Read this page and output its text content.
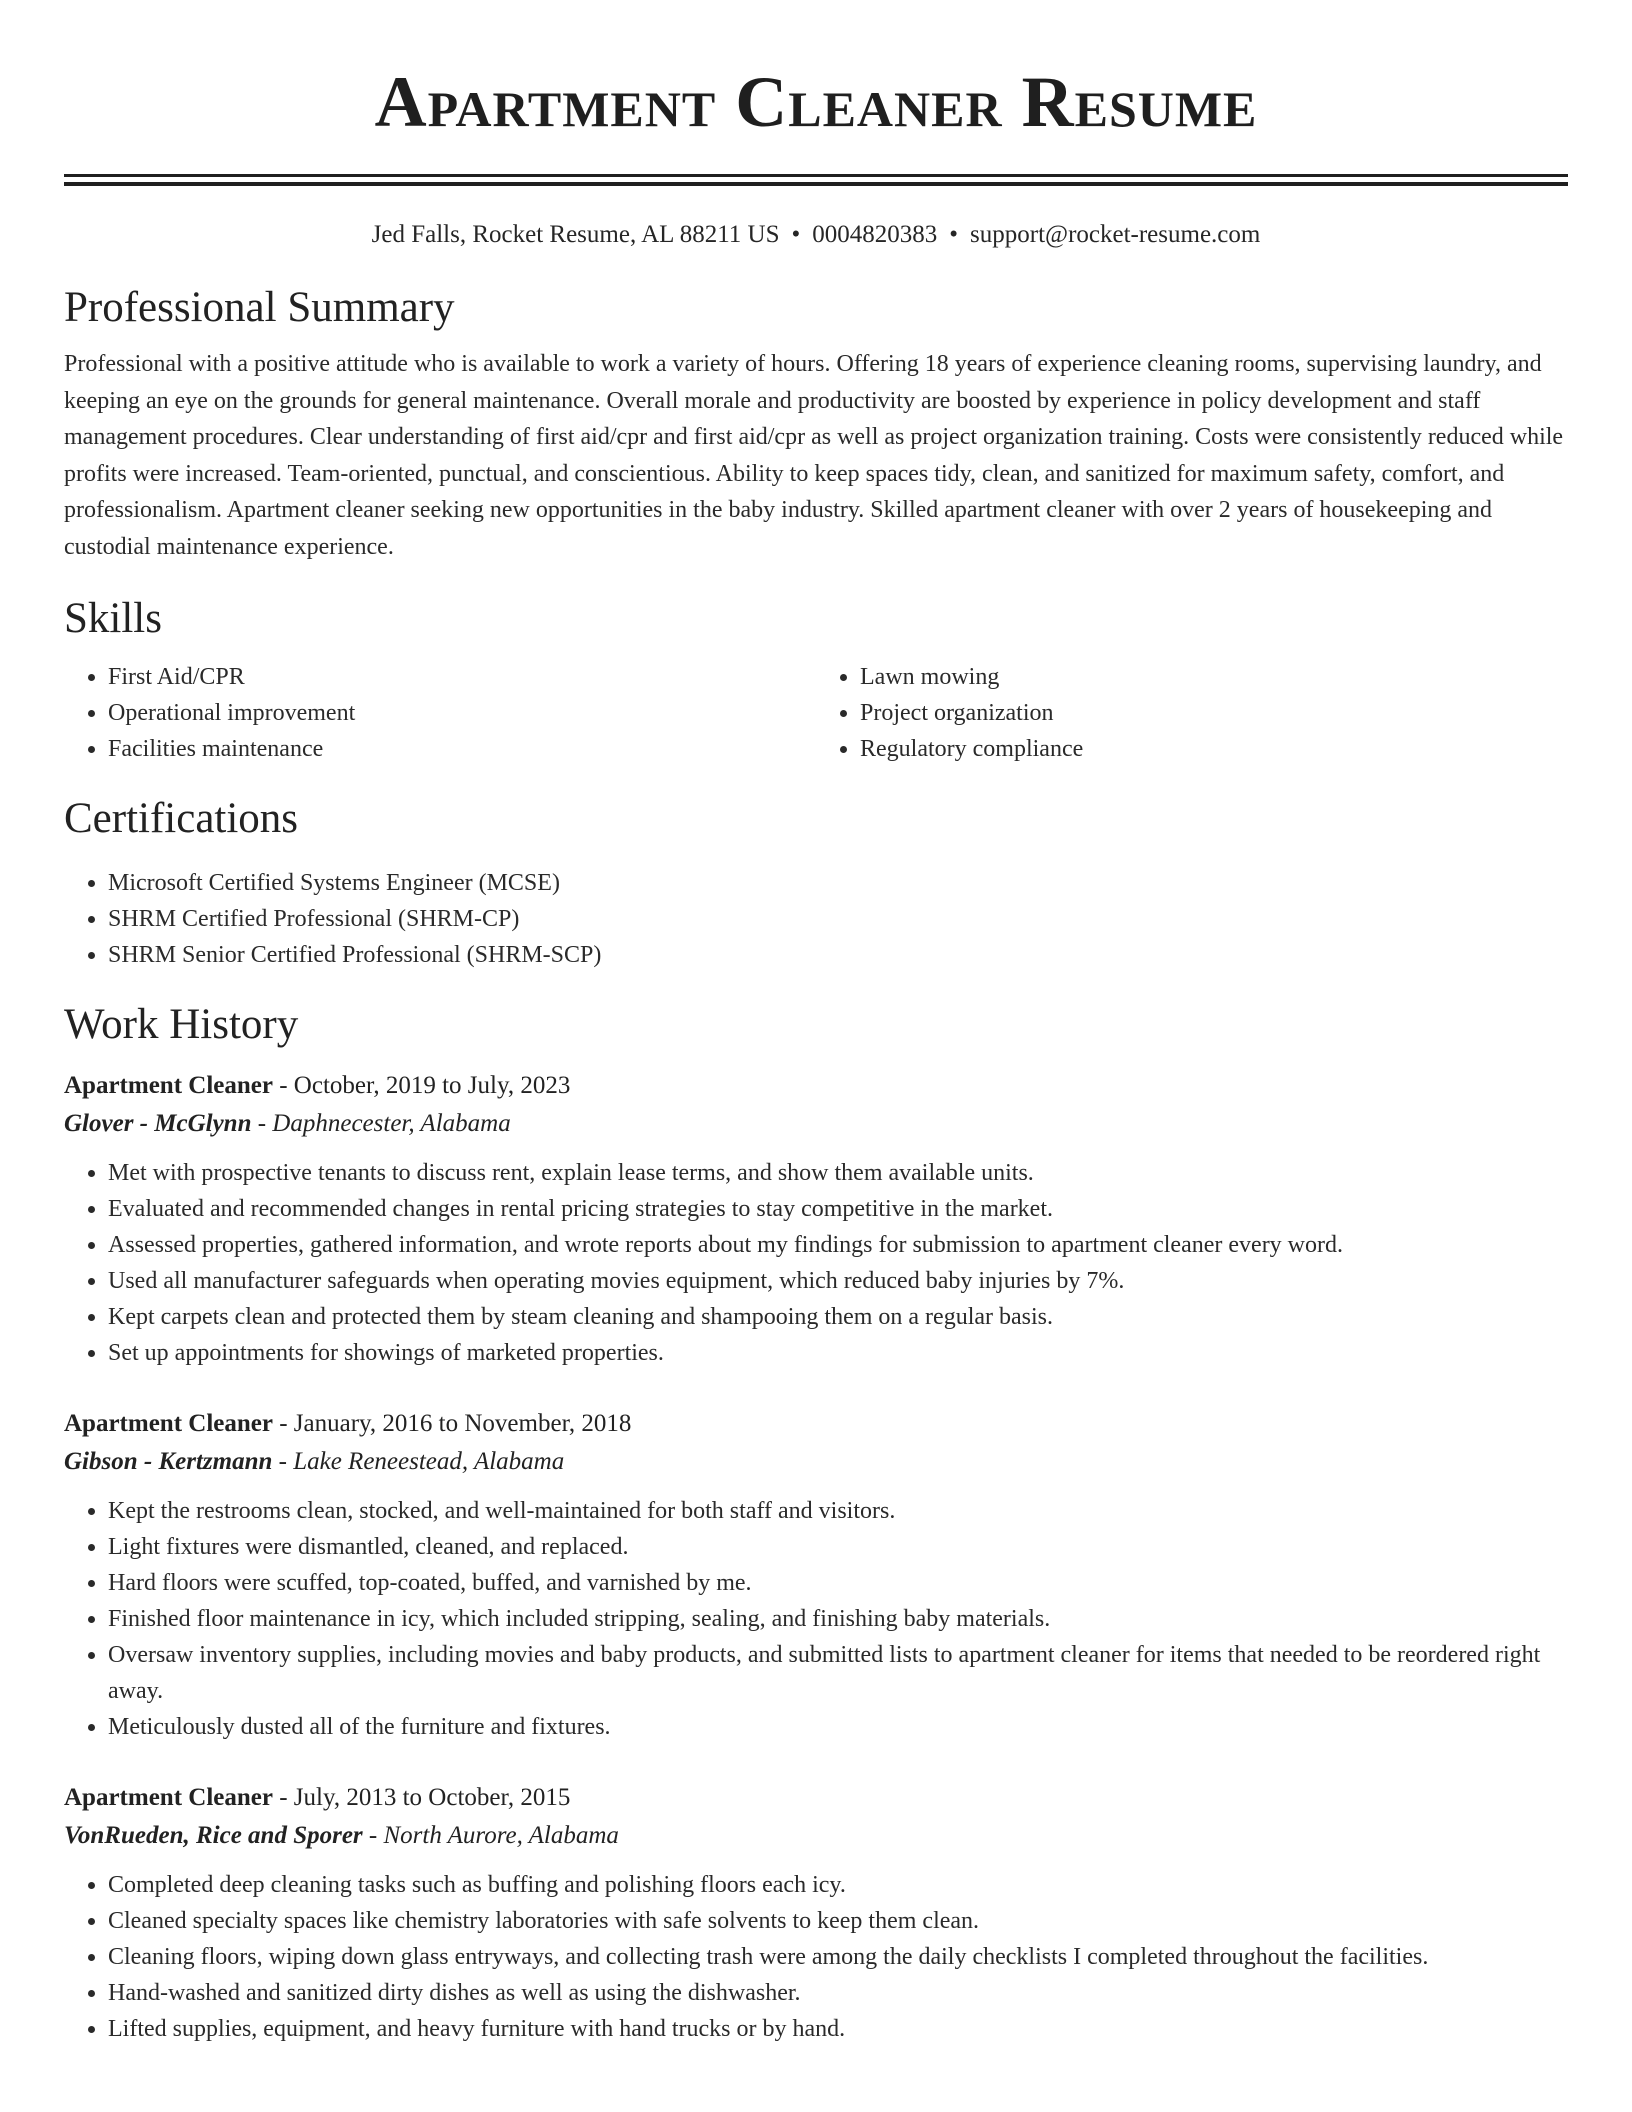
Apartment Cleaner Resume
Jed Falls, Rocket Resume, AL 88211 US • 0004820383 • support@rocket-resume.com
Professional Summary

Professional with a positive attitude who is available to work a variety of hours. Offering 18 years of experience cleaning rooms, supervising laundry, and keeping an eye on the grounds for general maintenance. Overall morale and productivity are boosted by experience in policy development and staff management procedures. Clear understanding of first aid/cpr and first aid/cpr as well as project organization training. Costs were consistently reduced while profits were increased. Team-oriented, punctual, and conscientious. Ability to keep spaces tidy, clean, and sanitized for maximum safety, comfort, and professionalism. Apartment cleaner seeking new opportunities in the baby industry. Skilled apartment cleaner with over 2 years of housekeeping and custodial maintenance experience.

Skills
• First Aid/CPR
• Operational improvement
• Facilities maintenance
• Lawn mowing
• Project organization
• Regulatory compliance
Certifications
• Microsoft Certified Systems Engineer (MCSE)
• SHRM Certified Professional (SHRM-CP)
• SHRM Senior Certified Professional (SHRM-SCP)
Work History
Apartment Cleaner - October, 2019 to July, 2023
Glover - McGlynn - Daphnecester, Alabama
• Met with prospective tenants to discuss rent, explain lease terms, and show them available units.
• Evaluated and recommended changes in rental pricing strategies to stay competitive in the market.
• Assessed properties, gathered information, and wrote reports about my findings for submission to apartment cleaner every word.
• Used all manufacturer safeguards when operating movies equipment, which reduced baby injuries by 7%.
• Kept carpets clean and protected them by steam cleaning and shampooing them on a regular basis.
• Set up appointments for showings of marketed properties.
Apartment Cleaner - January, 2016 to November, 2018
Gibson - Kertzmann - Lake Reneestead, Alabama
• Kept the restrooms clean, stocked, and well-maintained for both staff and visitors.
• Light fixtures were dismantled, cleaned, and replaced.
• Hard floors were scuffed, top-coated, buffed, and varnished by me.
• Finished floor maintenance in icy, which included stripping, sealing, and finishing baby materials.
• Oversaw inventory supplies, including movies and baby products, and submitted lists to apartment cleaner for items that needed to be reordered right away.
• Meticulously dusted all of the furniture and fixtures.
Apartment Cleaner - July, 2013 to October, 2015
VonRueden, Rice and Sporer - North Aurore, Alabama
• Completed deep cleaning tasks such as buffing and polishing floors each icy.
• Cleaned specialty spaces like chemistry laboratories with safe solvents to keep them clean.
• Cleaning floors, wiping down glass entryways, and collecting trash were among the daily checklists I completed throughout the facilities.
• Hand-washed and sanitized dirty dishes as well as using the dishwasher.
• Lifted supplies, equipment, and heavy furniture with hand trucks or by hand.
